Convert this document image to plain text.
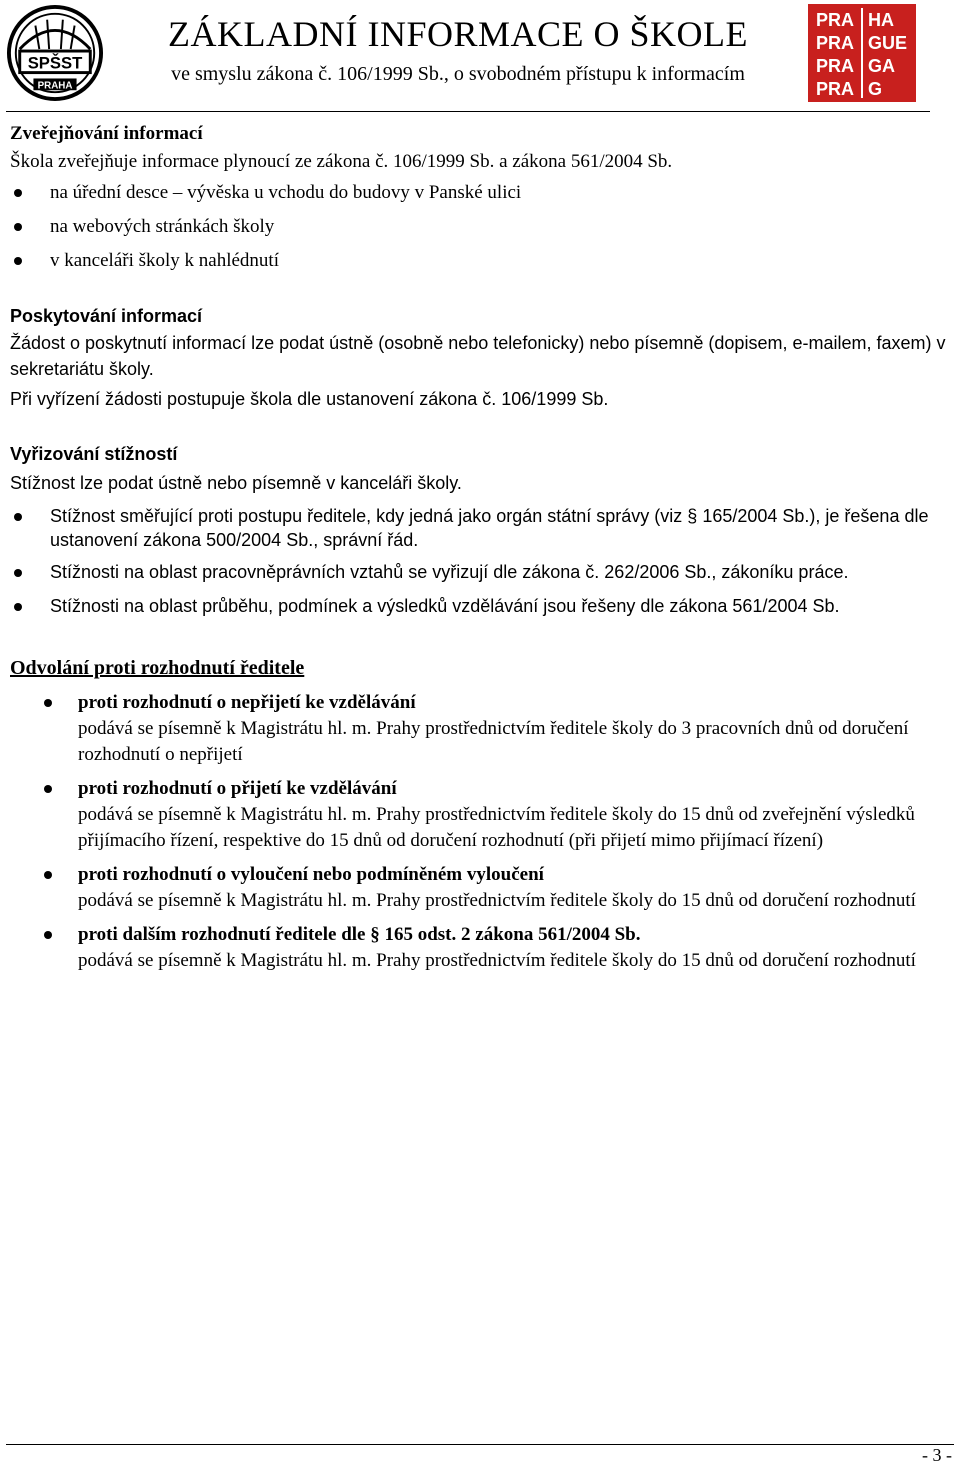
SPŠST
PRAHA
ZÁKLADNÍ INFORMACE O ŠKOLE
ve smyslu zákona č. 106/1999 Sb., o svobodném přístupu k informacím
PRA HA
PRA GUE
PRA GA
PRA G

Zveřejňování informací

Škola zveřejňuje informace plynoucí ze zákona č. 106/1999 Sb. a zákona 561/2004 Sb.

na úřední desce – vývěska u vchodu do budovy v Panské ulici
na webových stránkách školy
v kanceláři školy k nahlédnutí

Poskytování informací

Žádost o poskytnutí informací lze podat ústně (osobně nebo telefonicky) nebo písemně (dopisem, e-mailem, faxem) v sekretariátu školy.

Při vyřízení žádosti postupuje škola dle ustanovení zákona č. 106/1999 Sb.

Vyřizování stížností

Stížnost lze podat ústně nebo písemně v kanceláři školy.

Stížnost směřující proti postupu ředitele, kdy jedná jako orgán státní správy (viz § 165/2004 Sb.), je řešena dle ustanovení zákona 500/2004 Sb., správní řád.
Stížnosti na oblast pracovněprávních vztahů se vyřizují dle zákona č. 262/2006 Sb., zákoníku práce.
Stížnosti na oblast průběhu, podmínek a výsledků vzdělávání jsou řešeny dle zákona 561/2004 Sb.

Odvolání proti rozhodnutí ředitele

proti rozhodnutí o nepřijetí ke vzdělávání
podává se písemně k Magistrátu hl. m. Prahy prostřednictvím ředitele školy do 3 pracovních dnů od doručení rozhodnutí o nepřijetí
proti rozhodnutí o přijetí ke vzdělávání
podává se písemně k Magistrátu hl. m. Prahy prostřednictvím ředitele školy do 15 dnů od zveřejnění výsledků přijímacího řízení, respektive do 15 dnů od doručení rozhodnutí (při přijetí mimo přijímací řízení)
proti rozhodnutí o vyloučení nebo podmíněném vyloučení
podává se písemně k Magistrátu hl. m. Prahy prostřednictvím ředitele školy do 15 dnů od doručení rozhodnutí
proti dalším rozhodnutí ředitele dle § 165 odst. 2 zákona 561/2004 Sb.
podává se písemně k Magistrátu hl. m. Prahy prostřednictvím ředitele školy do 15 dnů od doručení rozhodnutí
- 3 -
